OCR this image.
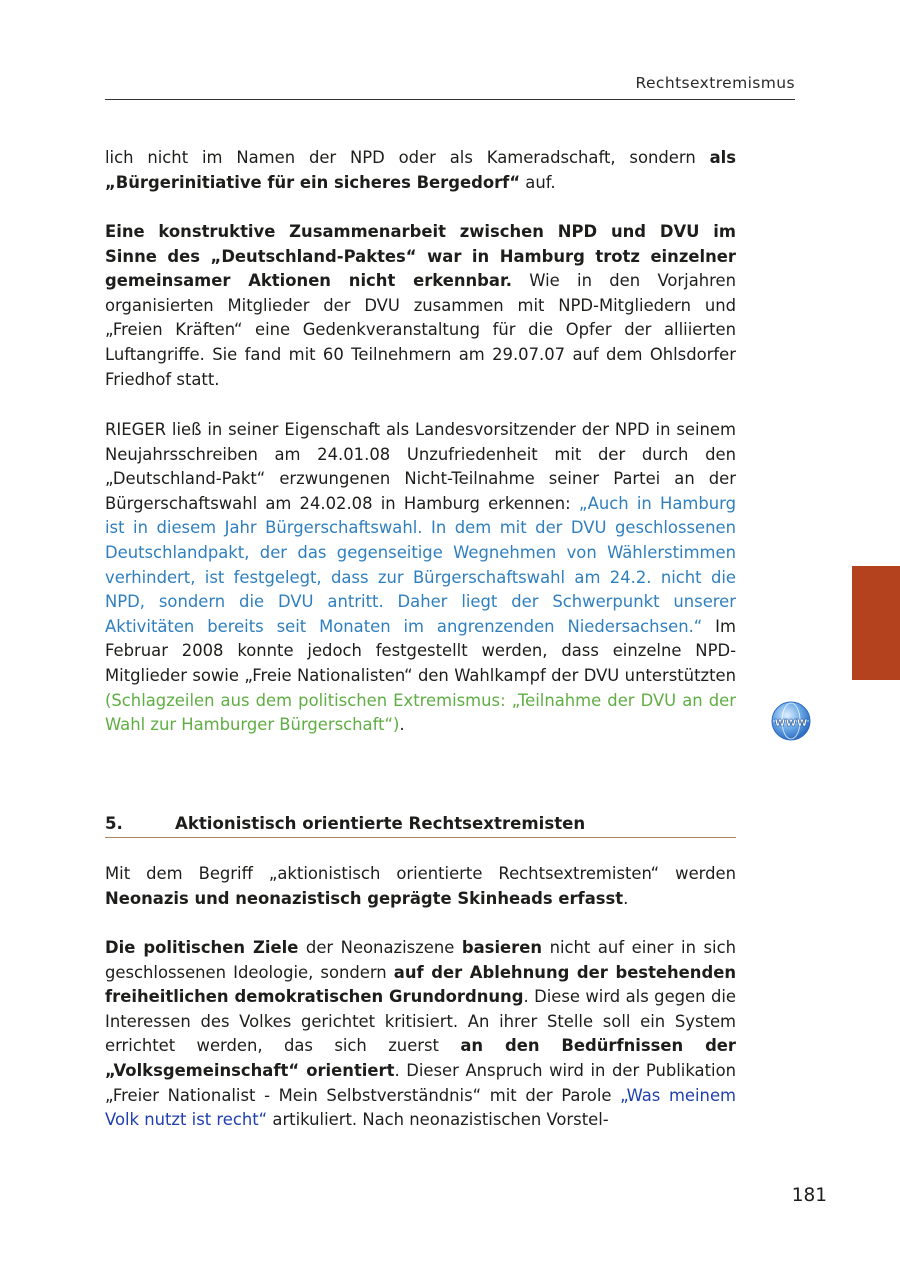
Rechtsextremismus

lich nicht im Namen der NPD oder als Kameradschaft, sondern als „Bürgerinitiative für ein sicheres Bergedorf“ auf.

Eine konstruktive Zusammenarbeit zwischen NPD und DVU im Sinne des „Deutschland-Paktes“ war in Hamburg trotz einzelner gemeinsamer Aktionen nicht erkennbar. Wie in den Vorjahren organisierten Mitglieder der DVU zusammen mit NPD-Mitgliedern und „Freien Kräften“ eine Gedenkveranstaltung für die Opfer der alliierten Luftangriffe. Sie fand mit 60 Teilnehmern am 29.07.07 auf dem Ohlsdorfer Friedhof statt.

RIEGER ließ in seiner Eigenschaft als Landesvorsitzender der NPD in seinem Neujahrsschreiben am 24.01.08 Unzufriedenheit mit der durch den „Deutschland-Pakt“ erzwungenen Nicht-Teilnahme seiner Partei an der Bürgerschaftswahl am 24.02.08 in Hamburg erkennen: „Auch in Hamburg ist in diesem Jahr Bürgerschaftswahl. In dem mit der DVU geschlossenen Deutschlandpakt, der das gegenseitige Wegnehmen von Wählerstimmen verhindert, ist festgelegt, dass zur Bürgerschaftswahl am 24.2. nicht die NPD, sondern die DVU antritt. Daher liegt der Schwerpunkt unserer Aktivitäten bereits seit Monaten im angrenzenden Niedersachsen.“ Im Februar 2008 konnte jedoch festgestellt werden, dass einzelne NPD-Mitglieder sowie „Freie Nationalisten“ den Wahlkampf der DVU unterstützten (Schlagzeilen aus dem politischen Extremismus: „Teilnahme der DVU an der Wahl zur Hamburger Bürgerschaft“).	www
5.	Aktionistisch orientierte Rechtsextremisten

Mit dem Begriff „aktionistisch orientierte Rechtsextremisten“ werden Neonazis und neonazistisch geprägte Skinheads erfasst.

Die politischen Ziele der Neonaziszene basieren nicht auf einer in sich geschlossenen Ideologie, sondern auf der Ablehnung der bestehenden freiheitlichen demokratischen Grundordnung. Diese wird als gegen die Interessen des Volkes gerichtet kritisiert. An ihrer Stelle soll ein System errichtet werden, das sich zuerst an den Bedürfnissen der „Volksgemeinschaft“ orientiert. Dieser Anspruch wird in der Publikation „Freier Nationalist - Mein Selbstverständnis“ mit der Parole „Was meinem Volk nutzt ist recht“ artikuliert. Nach neonazistischen Vorstel-

181
